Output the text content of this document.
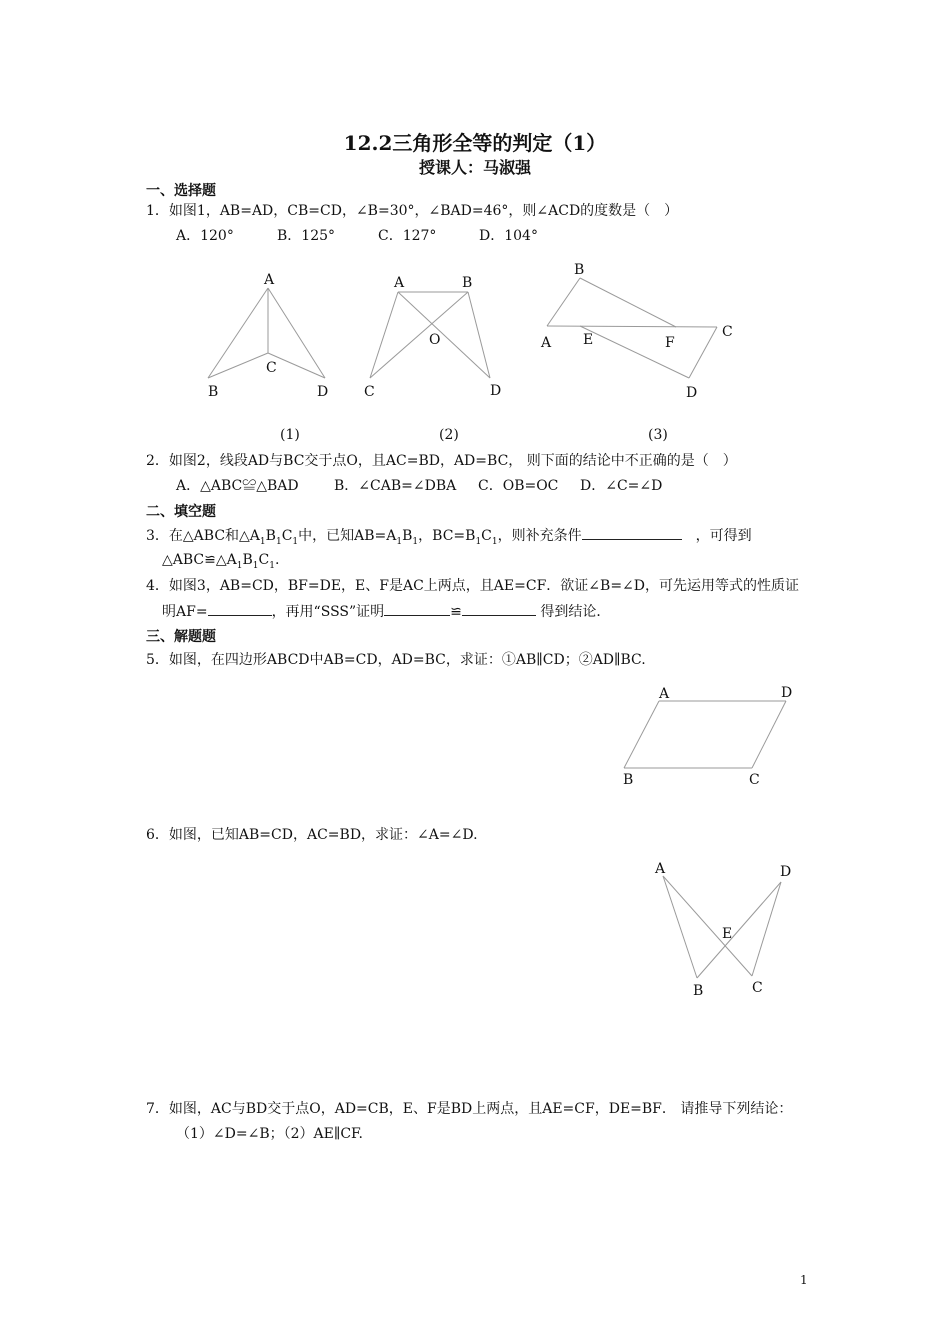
12.2三角形全等的判定（1）
授课人：马淑强
一、选择题
1．如图1，AB=AD，CB=CD，∠B=30°，∠BAD=46°，则∠ACD的度数是（　）
A．120°	B．125°	C．127°	D．104°
A
B
C
D
(1)
A	B
O
C	D
(2)
B
A E	F
C
D
(3)
2．如图2，线段AD与BC交于点O，且AC=BD，AD=BC， 则下面的结论中不正确的是（　）
A．△ABC≌△BAD	B．∠CAB=∠DBA C．OB=OC D．∠C=∠D
二、填空题
3．在△ABC和$\triangle A_1B_1C_1$中，已知$AB=A_1B_1$，$BC=B_1C_1$，则补充条件	，可得到
$\triangle ABC≌\triangle A_1B_1C_1$.
4．如图3，AB=CD，BF=DE，E、F是AC上两点，且AE=CF．欲证∠B=∠D，可先运用等式的性质证
明AF=	，再用“SSS”证明	≌	得到结论．
三、解题题
5．如图，在四边形ABCD中AB=CD，AD=BC，求证：①AB∥CD；②AD∥BC.
A	D
B	C
6．如图，已知AB=CD，AC=BD，求证：∠A=∠D.
A	D
E
B	C
7．如图，AC与BD交于点O，AD=CB，E、F是BD上两点，且AE=CF，DE=BF． 请推导下列结论：
（1）∠D=∠B；（2）AE∥CF.
1
